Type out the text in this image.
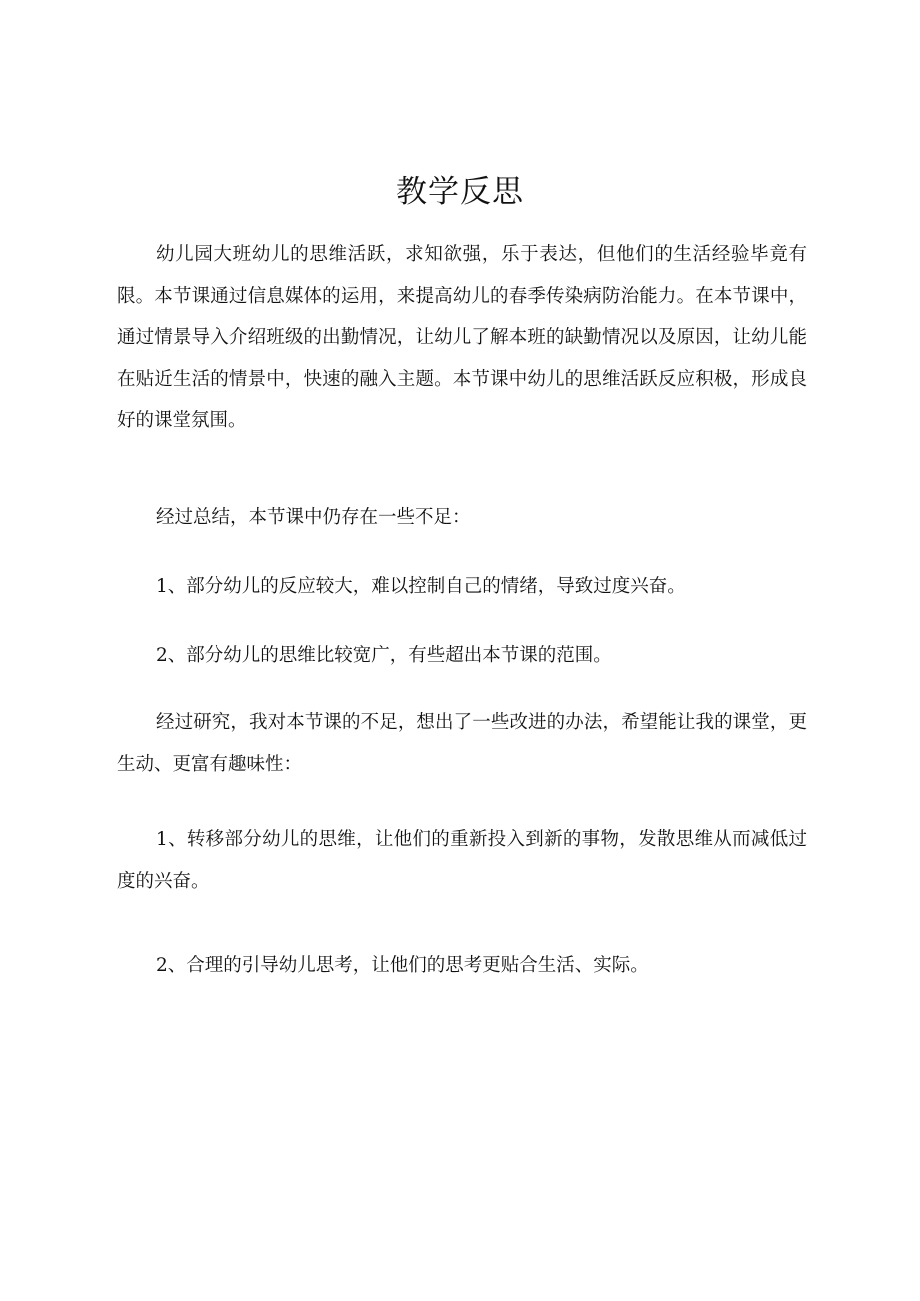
教学反思

幼儿园大班幼儿的思维活跃，求知欲强，乐于表达，但他们的生活经验毕竟有限。本节课通过信息媒体的运用，来提高幼儿的春季传染病防治能力。在本节课中，通过情景导入介绍班级的出勤情况，让幼儿了解本班的缺勤情况以及原因，让幼儿能在贴近生活的情景中，快速的融入主题。本节课中幼儿的思维活跃反应积极，形成良好的课堂氛围。

经过总结，本节课中仍存在一些不足：

1、部分幼儿的反应较大，难以控制自己的情绪，导致过度兴奋。

2、部分幼儿的思维比较宽广，有些超出本节课的范围。

经过研究，我对本节课的不足，想出了一些改进的办法，希望能让我的课堂，更生动、更富有趣味性：

1、转移部分幼儿的思维，让他们的重新投入到新的事物，发散思维从而减低过度的兴奋。

2、合理的引导幼儿思考，让他们的思考更贴合生活、实际。
